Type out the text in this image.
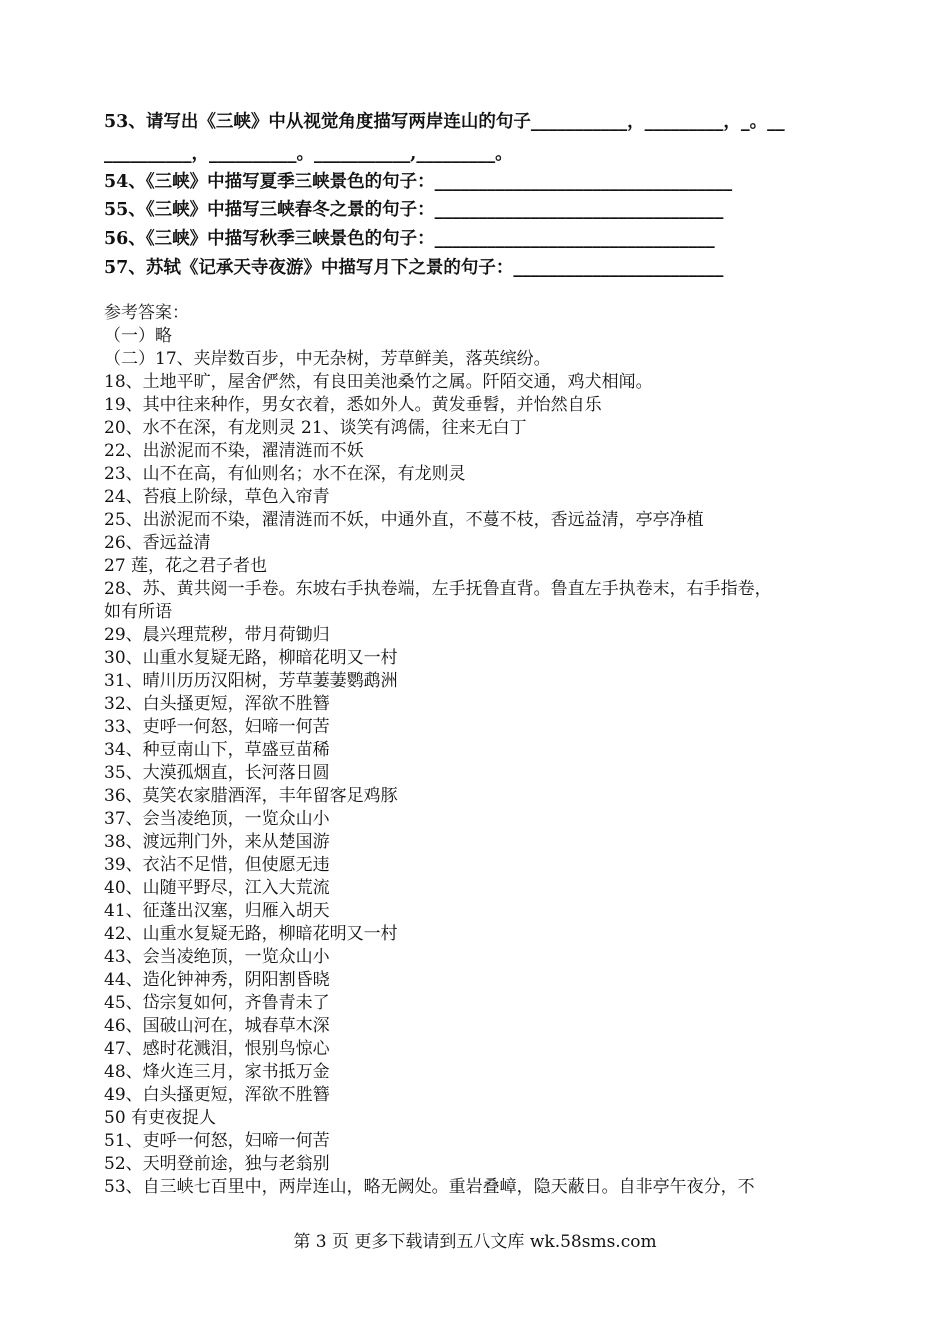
53、请写出《三峡》中从视觉角度描写两岸连山的句子___________，_________，_。__
__________，__________。___________,_________。
54、《三峡》中描写夏季三峡景色的句子：__________________________________
55、《三峡》中描写三峡春冬之景的句子：_________________________________
56、《三峡》中描写秋季三峡景色的句子：________________________________
57、苏轼《记承天寺夜游》中描写月下之景的句子：________________________
参考答案：
（一）略
（二）17、夹岸数百步，中无杂树，芳草鲜美，落英缤纷。
18、土地平旷，屋舍俨然，有良田美池桑竹之属。阡陌交通，鸡犬相闻。
19、其中往来种作，男女衣着，悉如外人。黄发垂髫，并怡然自乐
20、水不在深，有龙则灵 21、谈笑有鸿儒，往来无白丁
22、出淤泥而不染，濯清涟而不妖
23、山不在高，有仙则名；水不在深，有龙则灵
24、苔痕上阶绿，草色入帘青
25、出淤泥而不染，濯清涟而不妖，中通外直，不蔓不枝，香远益清，亭亭净植
26、香远益清
27 莲，花之君子者也
28、苏、黄共阅一手卷。东坡右手执卷端，左手抚鲁直背。鲁直左手执卷末，右手指卷，
如有所语
29、晨兴理荒秽，带月荷锄归
30、山重水复疑无路，柳暗花明又一村
31、晴川历历汉阳树，芳草萋萋鹦鹉洲
32、白头搔更短，浑欲不胜簪
33、吏呼一何怒，妇啼一何苦
34、种豆南山下，草盛豆苗稀
35、大漠孤烟直，长河落日圆
36、莫笑农家腊酒浑，丰年留客足鸡豚
37、会当凌绝顶，一览众山小
38、渡远荆门外，来从楚国游
39、衣沾不足惜，但使愿无违
40、山随平野尽，江入大荒流
41、征蓬出汉塞，归雁入胡天
42、山重水复疑无路，柳暗花明又一村
43、会当凌绝顶，一览众山小
44、造化钟神秀，阴阳割昏晓
45、岱宗复如何，齐鲁青未了
46、国破山河在，城春草木深
47、感时花溅泪，恨别鸟惊心
48、烽火连三月，家书抵万金
49、白头搔更短，浑欲不胜簪
50 有吏夜捉人
51、吏呼一何怒，妇啼一何苦
52、天明登前途，独与老翁别
53、自三峡七百里中，两岸连山，略无阙处。重岩叠嶂，隐天蔽日。自非亭午夜分，不
第 3 页 更多下载请到五八文库 wk.58sms.com
